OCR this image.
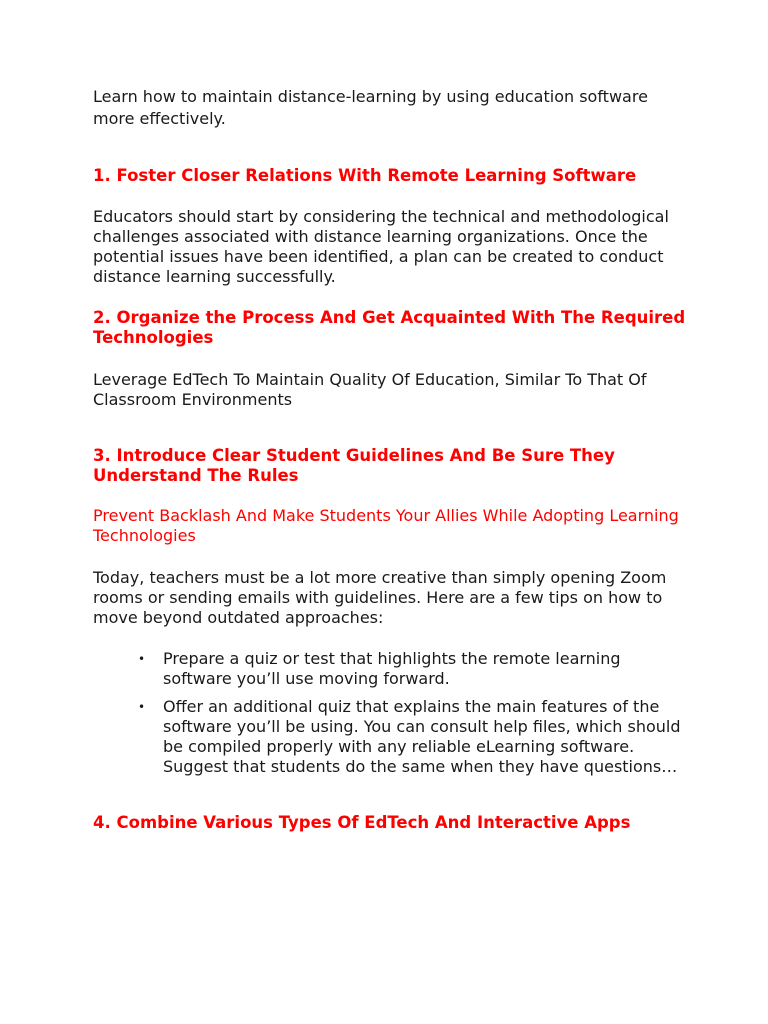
Learn how to maintain distance-learning by using education software more effectively.

1. Foster Closer Relations With Remote Learning Software

Educators should start by considering the technical and methodological challenges associated with distance learning organizations. Once the potential issues have been identified, a plan can be created to conduct distance learning successfully.

2. Organize the Process And Get Acquainted With The Required Technologies

Leverage EdTech To Maintain Quality Of Education, Similar To That Of Classroom Environments

3. Introduce Clear Student Guidelines And Be Sure They Understand The Rules

Prevent Backlash And Make Students Your Allies While Adopting Learning Technologies

Today, teachers must be a lot more creative than simply opening Zoom rooms or sending emails with guidelines. Here are a few tips on how to move beyond outdated approaches:

• Prepare a quiz or test that highlights the remote learning software you’ll use moving forward.
• Offer an additional quiz that explains the main features of the software you’ll be using. You can consult help files, which should be compiled properly with any reliable eLearning software. Suggest that students do the same when they have questions…
4. Combine Various Types Of EdTech And Interactive Apps
